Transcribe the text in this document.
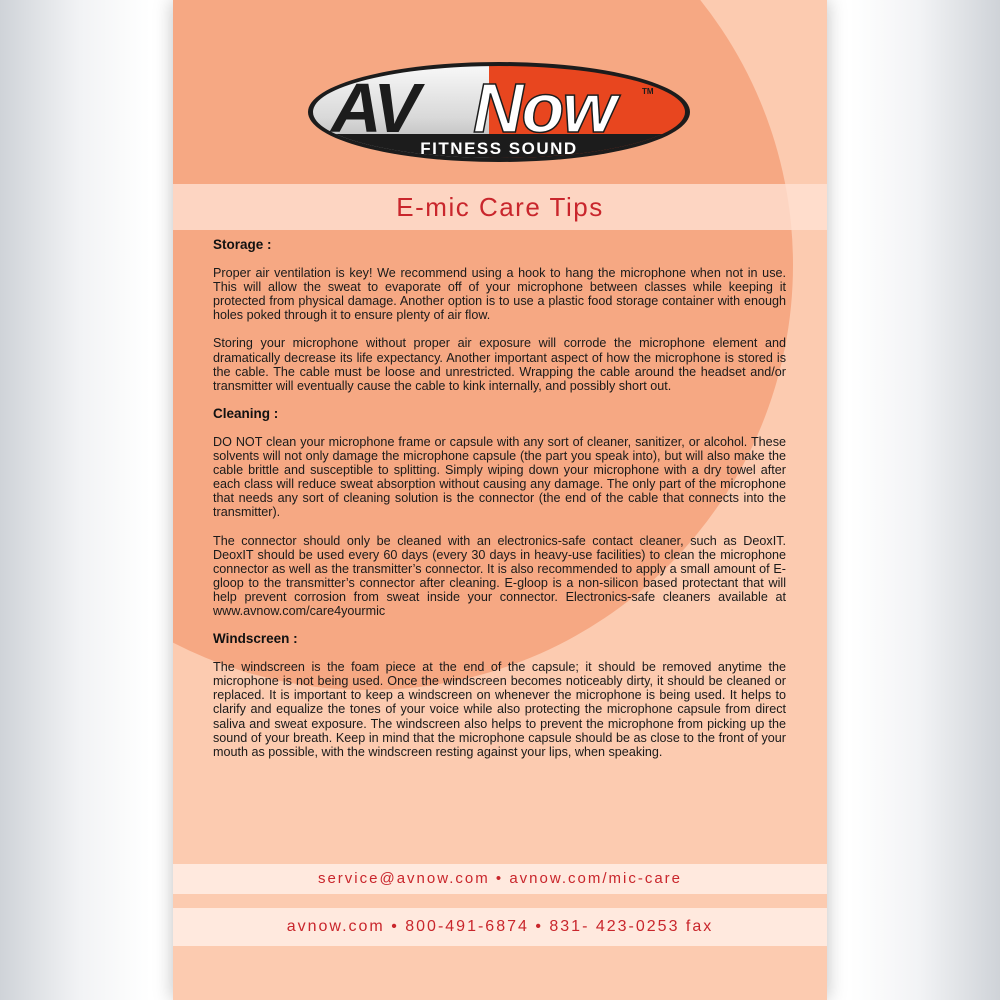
AV Now	TM
FITNESS SOUND
E-mic Care Tips
Storage :

Proper air ventilation is key! We recommend using a hook to hang the microphone when not in use. This will allow the sweat to evaporate off of your microphone between classes while keeping it protected from physical damage. Another option is to use a plastic food storage container with enough holes poked through it to ensure plenty of air flow.

Storing your microphone without proper air exposure will corrode the microphone element and dramatically decrease its life expectancy. Another important aspect of how the microphone is stored is the cable. The cable must be loose and unrestricted. Wrapping the cable around the headset and/or transmitter will eventually cause the cable to kink internally, and possibly short out.

Cleaning :

DO NOT clean your microphone frame or capsule with any sort of cleaner, sanitizer, or alcohol. These solvents will not only damage the microphone capsule (the part you speak into), but will also make the cable brittle and susceptible to splitting. Simply wiping down your microphone with a dry towel after each class will reduce sweat absorption without causing any damage. The only part of the microphone that needs any sort of cleaning solution is the connector (the end of the cable that connects into the transmitter).

The connector should only be cleaned with an electronics-safe contact cleaner, such as DeoxIT. DeoxIT should be used every 60 days (every 30 days in heavy-use facilities) to clean the microphone connector as well as the transmitter’s connector. It is also recommended to apply a small amount of E-gloop to the transmitter’s connector after cleaning. E-gloop is a non-silicon based protectant that will help prevent corrosion from sweat inside your connector. Electronics-safe cleaners available at www.avnow.com/care4yourmic

Windscreen :

The windscreen is the foam piece at the end of the capsule; it should be removed anytime the microphone is not being used. Once the windscreen becomes noticeably dirty, it should be cleaned or replaced. It is important to keep a windscreen on whenever the microphone is being used. It helps to clarify and equalize the tones of your voice while also protecting the microphone capsule from direct saliva and sweat exposure. The windscreen also helps to prevent the microphone from picking up the sound of your breath. Keep in mind that the microphone capsule should be as close to the front of your mouth as possible, with the windscreen resting against your lips, when speaking.

service@avnow.com • avnow.com/mic-care
avnow.com • 800-491-6874 • 831- 423-0253 fax
